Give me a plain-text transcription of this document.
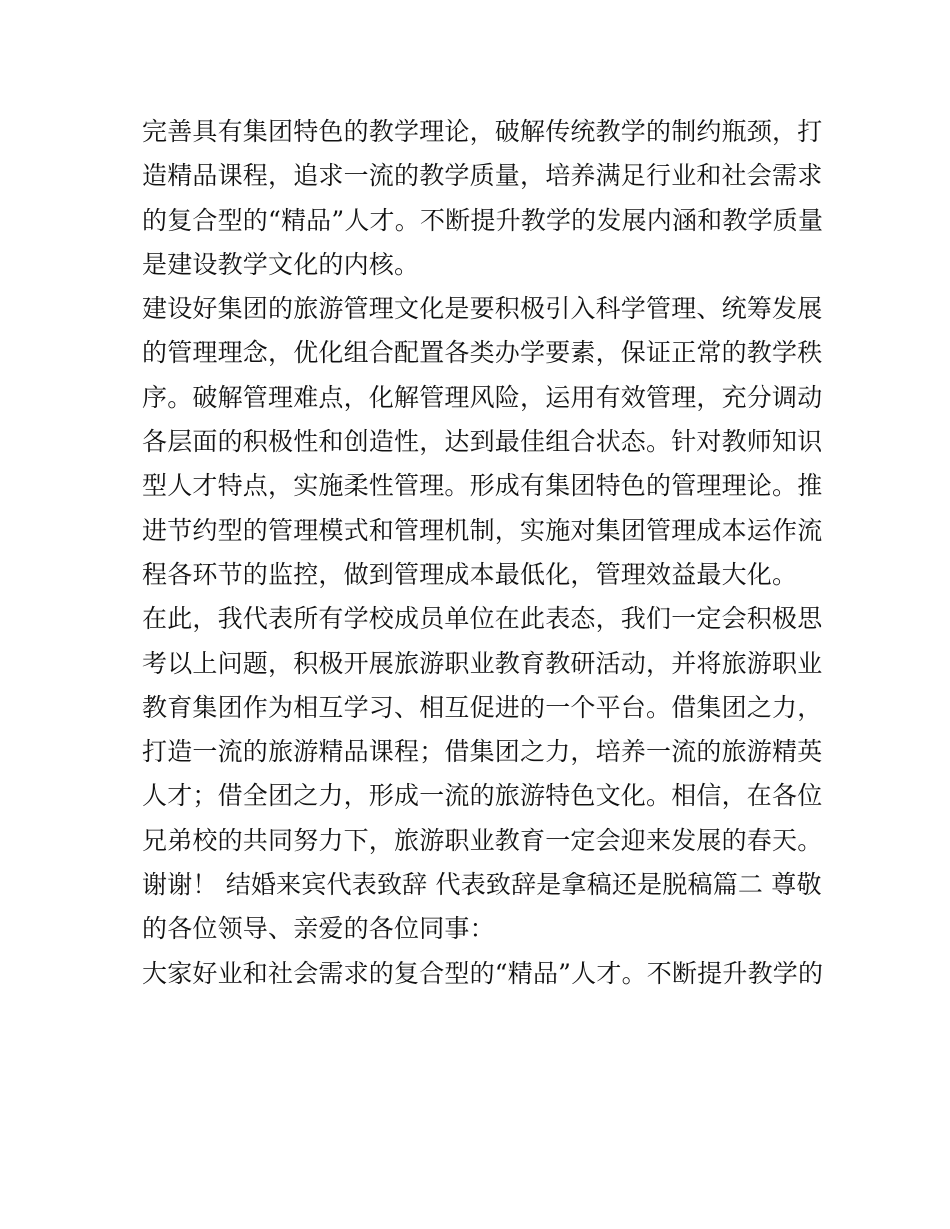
完善具有集团特色的教学理论，破解传统教学的制约瓶颈，打
造精品课程，追求一流的教学质量，培养满足行业和社会需求
的复合型的“精品”人才。不断提升教学的发展内涵和教学质量
是建设教学文化的内核。
建设好集团的旅游管理文化是要积极引入科学管理、统筹发展
的管理理念，优化组合配置各类办学要素，保证正常的教学秩
序。破解管理难点，化解管理风险，运用有效管理，充分调动
各层面的积极性和创造性，达到最佳组合状态。针对教师知识
型人才特点，实施柔性管理。形成有集团特色的管理理论。推
进节约型的管理模式和管理机制，实施对集团管理成本运作流
程各环节的监控，做到管理成本最低化，管理效益最大化。
在此，我代表所有学校成员单位在此表态，我们一定会积极思
考以上问题，积极开展旅游职业教育教研活动，并将旅游职业
教育集团作为相互学习、相互促进的一个平台。借集团之力，
打造一流的旅游精品课程；借集团之力，培养一流的旅游精英
人才；借全团之力，形成一流的旅游特色文化。相信，在各位
兄弟校的共同努力下，旅游职业教育一定会迎来发展的春天。
谢谢！ 结婚来宾代表致辞 代表致辞是拿稿还是脱稿篇二 尊敬
的各位领导、亲爱的各位同事：
大家好业和社会需求的复合型的“精品”人才。不断提升教学的
